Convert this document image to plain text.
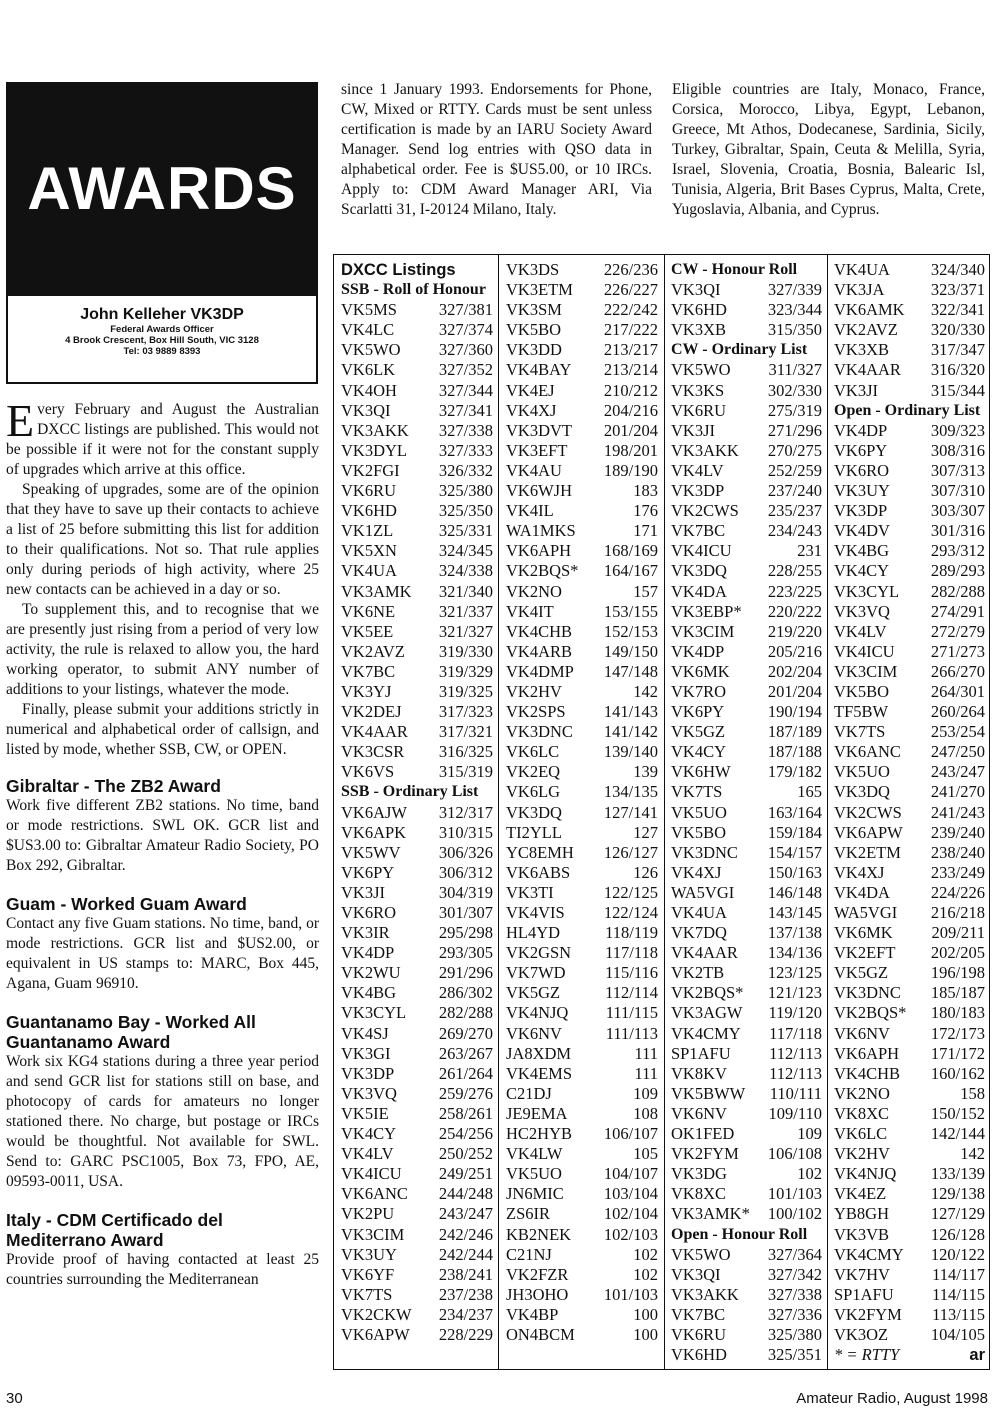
AWARDS
John Kelleher VK3DP
Federal Awards Officer
4 Brook Crescent, Box Hill South, VIC 3128
Tel: 03 9889 8393

Every February and August the Australian DXCC listings are published. This would not be possible if it were not for the constant supply of upgrades which arrive at this office.

Speaking of upgrades, some are of the opinion that they have to save up their contacts to achieve a list of 25 before submitting this list for addition to their qualifications. Not so. That rule applies only during periods of high activity, where 25 new contacts can be achieved in a day or so.

To supplement this, and to recognise that we are presently just rising from a period of very low activity, the rule is relaxed to allow you, the hard working operator, to submit ANY number of additions to your listings, whatever the mode.

Finally, please submit your additions strictly in numerical and alphabetical order of callsign, and listed by mode, whether SSB, CW, or OPEN.

Gibraltar - The ZB2 Award

Work five different ZB2 stations. No time, band or mode restrictions. SWL OK. GCR list and $US3.00 to: Gibraltar Amateur Radio Society, PO Box 292, Gibraltar.

Guam - Worked Guam Award

Contact any five Guam stations. No time, band, or mode restrictions. GCR list and $US2.00, or equivalent in US stamps to: MARC, Box 445, Agana, Guam 96910.

Guantanamo Bay - Worked All Guantanamo Award

Work six KG4 stations during a three year period and send GCR list for stations still on base, and photocopy of cards for amateurs no longer stationed there. No charge, but postage or IRCs would be thoughtful. Not available for SWL. Send to: GARC PSC1005, Box 73, FPO, AE, 09593-0011, USA.

Italy - CDM Certificado del Mediterrano Award

Provide proof of having contacted at least 25 countries surrounding the Mediterranean

since 1 January 1993. Endorsements for Phone, CW, Mixed or RTTY. Cards must be sent unless certification is made by an IARU Society Award Manager. Send log entries with QSO data in alphabetical order. Fee is $US5.00, or 10 IRCs. Apply to: CDM Award Manager ARI, Via Scarlatti 31, I-20124 Milano, Italy.
Eligible countries are Italy, Monaco, France, Corsica, Morocco, Libya, Egypt, Lebanon, Greece, Mt Athos, Dodecanese, Sardinia, Sicily, Turkey, Gibraltar, Spain, Ceuta & Melilla, Syria, Israel, Slovenia, Croatia, Bosnia, Balearic Isl, Tunisia, Algeria, Brit Bases Cyprus, Malta, Crete, Yugoslavia, Albania, and Cyprus.
DXCC Listings
SSB - Roll of Honour
VK5MS	327/381
VK4LC	327/374
VK5WO 327/360
VK6LK	327/352
VK4OH	327/344
VK3QI	327/341
VK3AKK 327/338
VK3DYL 327/333
VK2FGI 326/332
VK6RU	325/380
VK6HD	325/350
VK1ZL	325/331
VK5XN	324/345
VK4UA	324/338
VK3AMK 321/340
VK6NE	321/337
VK5EE	321/327
VK2AVZ 319/330
VK7BC	319/329
VK3YJ	319/325
VK2DEJ 317/323
VK4AAR 317/321
VK3CSR 316/325
VK6VS	315/319
SSB - Ordinary List
VK6AJW 312/317
VK6APK 310/315
VK5WV 306/326
VK6PY	306/312
VK3JI	304/319
VK6RO	301/307
VK3IR	295/298
VK4DP	293/305
VK2WU 291/296
VK4BG	286/302
VK3CYL 282/288
VK4SJ	269/270
VK3GI	263/267
VK3DP	261/264
VK3VQ	259/276
VK5IE	258/261
VK4CY	254/256
VK4LV	250/252
VK4ICU 249/251
VK6ANC 244/248
VK2PU	243/247
VK3CIM 242/246
VK3UY	242/244
VK6YF	238/241
VK7TS	237/238
VK2CKW 234/237
VK6APW 228/229
VK3DS	226/236
VK3ETM 226/227
VK3SM	222/242
VK5BO	217/222
VK3DD	213/217
VK4BAY 213/214
VK4EJ	210/212
VK4XJ	204/216
VK3DVT 201/204
VK3EFT 198/201
VK4AU	189/190
VK6WJH	183
VK4IL	176
WA1MKS	171
VK6APH 168/169
VK2BQS* 164/167
VK2NO	157
VK4IT	153/155
VK4CHB 152/153
VK4ARB 149/150
VK4DMP 147/148
VK2HV	142
VK2SPS 141/143
VK3DNC 141/142
VK6LC	139/140
VK2EQ	139
VK6LG	134/135
VK3DQ	127/141
TI2YLL	127
YC8EMH 126/127
VK6ABS	126
VK3TI	122/125
VK4VIS 122/124
HL4YD	118/119
VK2GSN 117/118
VK7WD 115/116
VK5GZ	112/114
VK4NJQ 111/115
VK6NV	111/113
JA8XDM	111
VK4EMS	111
C21DJ	109
JE9EMA	108
HC2HYB 106/107
VK4LW	105
VK5UO	104/107
JN6MIC 103/104
ZS6IR	102/104
KB2NEK 102/103
C21NJ	102
VK2FZR	102
JH3OHO 101/103
VK4BP	100
ON4BCM	100
CW - Honour Roll
VK3QI	327/339
VK6HD 323/344
VK3XB	315/350
CW - Ordinary List
VK5WO 311/327
VK3KS	302/330
VK6RU	275/319
VK3JI	271/296
VK3AKK 270/275
VK4LV	252/259
VK3DP	237/240
VK2CWS 235/237
VK7BC	234/243
VK4ICU	231
VK3DQ 228/255
VK4DA 223/225
VK3EBP* 220/222
VK3CIM 219/220
VK4DP	205/216
VK6MK 202/204
VK7RO	201/204
VK6PY	190/194
VK5GZ	187/189
VK4CY	187/188
VK6HW 179/182
VK7TS	165
VK5UO 163/164
VK5BO	159/184
VK3DNC 154/157
VK4XJ	150/163
WA5VGI 146/148
VK4UA 143/145
VK7DQ 137/138
VK4AAR 134/136
VK2TB	123/125
VK2BQS* 121/123
VK3AGW 119/120
VK4CMY 117/118
SP1AFU 112/113
VK8KV	112/113
VK5BWW 110/111
VK6NV	109/110
OK1FED	109
VK2FYM 106/108
VK3DG	102
VK8XC	101/103
VK3AMK* 100/102
Open - Honour Roll
VK5WO 327/364
VK3QI	327/342
VK3AKK 327/338
VK7BC	327/336
VK6RU	325/380
VK6HD 325/351
VK4UA 324/340
VK3JA	323/371
VK6AMK 322/341
VK2AVZ 320/330
VK3XB	317/347
VK4AAR 316/320
VK3JI	315/344
Open - Ordinary List
VK4DP	309/323
VK6PY	308/316
VK6RO	307/313
VK3UY 307/310
VK3DP	303/307
VK4DV 301/316
VK4BG	293/312
VK4CY	289/293
VK3CYL 282/288
VK3VQ 274/291
VK4LV	272/279
VK4ICU 271/273
VK3CIM 266/270
VK5BO	264/301
TF5BW	260/264
VK7TS	253/254
VK6ANC 247/250
VK5UO 243/247
VK3DQ 241/270
VK2CWS 241/243
VK6APW 239/240
VK2ETM 238/240
VK4XJ	233/249
VK4DA 224/226
WA5VGI 216/218
VK6MK 209/211
VK2EFT 202/205
VK5GZ	196/198
VK3DNC 185/187
VK2BQS* 180/183
VK6NV 172/173
VK6APH 171/172
VK4CHB 160/162
VK2NO	158
VK8XC	150/152
VK6LC	142/144
VK2HV	142
VK4NJQ 133/139
VK4EZ	129/138
YB8GH	127/129
VK3VB	126/128
VK4CMY 120/122
VK7HV	114/117
SP1AFU 114/115
VK2FYM 113/115
VK3OZ	104/105
* = RTTY	ar
30	Amateur Radio, August 1998
